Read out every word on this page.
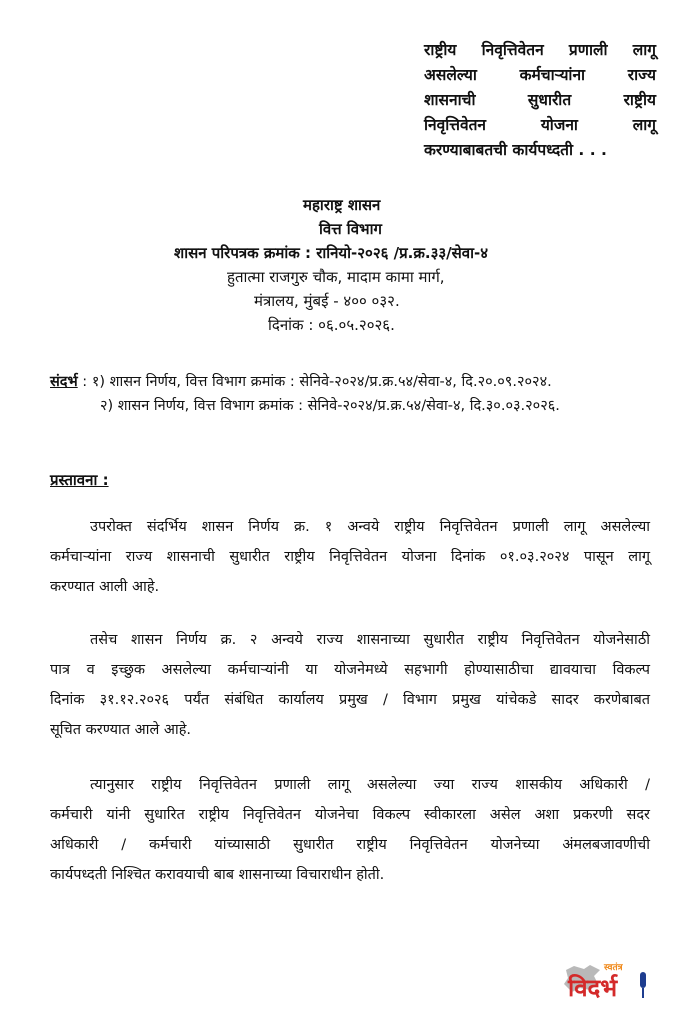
राष्ट्रीय निवृत्तिवेतन प्रणाली लागू
असलेल्या कर्मचाऱ्यांना राज्य
शासनाची सुधारीत राष्ट्रीय
निवृत्तिवेतन योजना लागू
करण्याबाबतची कार्यपध्दती . . .
महाराष्ट्र शासन
वित्त विभाग
शासन परिपत्रक क्रमांक : रानियो-२०२६ /प्र.क्र.३३/सेवा-४
हुतात्मा राजगुरु चौक, मादाम कामा मार्ग,
मंत्रालय, मुंबई - ४०० ०३२.
दिनांक : ०६.०५.२०२६.
संदर्भ : १) शासन निर्णय, वित्त विभाग क्रमांक : सेनिवे-२०२४/प्र.क्र.५४/सेवा-४, दि.२०.०९.२०२४.
२) शासन निर्णय, वित्त विभाग क्रमांक : सेनिवे-२०२४/प्र.क्र.५४/सेवा-४, दि.३०.०३.२०२६.
प्रस्तावना :
उपरोक्त संदर्भिय शासन निर्णय क्र. १ अन्वये राष्ट्रीय निवृत्तिवेतन प्रणाली लागू असलेल्या
कर्मचाऱ्यांना राज्य शासनाची सुधारीत राष्ट्रीय निवृत्तिवेतन योजना दिनांक ०१.०३.२०२४ पासून लागू
करण्यात आली आहे.
तसेच शासन निर्णय क्र. २ अन्वये राज्य शासनाच्या सुधारीत राष्ट्रीय निवृत्तिवेतन योजनेसाठी
पात्र व इच्छुक असलेल्या कर्मचाऱ्यांनी या योजनेमध्ये सहभागी होण्यासाठीचा द्यावयाचा विकल्प
दिनांक ३१.१२.२०२६ पर्यंत संबंधित कार्यालय प्रमुख / विभाग प्रमुख यांचेकडे सादर करणेबाबत
सूचित करण्यात आले आहे.
त्यानुसार राष्ट्रीय निवृत्तिवेतन प्रणाली लागू असलेल्या ज्या राज्य शासकीय अधिकारी /
कर्मचारी यांनी सुधारित राष्ट्रीय निवृत्तिवेतन योजनेचा विकल्प स्वीकारला असेल अशा प्रकरणी सदर
अधिकारी / कर्मचारी यांच्यासाठी सुधारीत राष्ट्रीय निवृत्तिवेतन योजनेच्या अंमलबजावणीची
कार्यपध्दती निश्चित करावयाची बाब शासनाच्या विचाराधीन होती.
स्वतंत्र
विदर्भ
